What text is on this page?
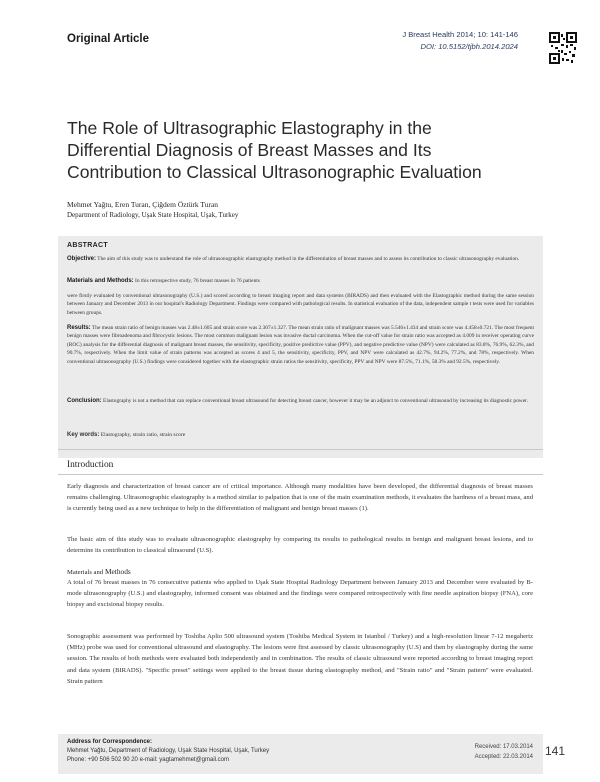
Original Article	J Breast Health 2014; 10: 141-146
DOI: 10.5152/tjbh.2014.2024
The Role of Ultrasographic Elastography in the
Differential Diagnosis of Breast Masses and Its
Contribution to Classical Ultrasonographic Evaluation
Mehmet Yağtu, Eren Turan, Çiğdem Öztürk Turan
Department of Radiology, Uşak State Hospital, Uşak, Turkey
ABSTRACT
Objective: The aim of this study was to understand the role of ultrasonographic elastography method in the differentiation of breast masses and to assess its contribution to classic ultrasonography evaluation.
Materials and Methods: In this retrospective study, 76 breast masses in 76 patients
were firstly evaluated by conventional ultrasonography (U.S.) and scored according to breast imaging report and data systems (BIRADS) and then evaluated with the Elastographic method during the same session between January and December 2013 in our hospital's Radiology Department. Findings were compared with pathological results. In statistical evaluation of the data, independent sample t tests were used for variables between groups.
Results: The mean strain ratio of benign masses was 2.48±1.605 and strain score was 2.307±1.327. The mean strain ratio of malignant masses was 5.546±1.434 and strain score was 4.458±0.721. The most frequent benign masses were fibroadenoma and fibrocystic lesions. The most common malignant lesion was invasive ductal carcinoma. When the cut-off value for strain ratio was accepted as 4.009 in receiver operating curve (ROC) analysis for the differential diagnosis of malignant breast masses, the sensitivity, specificity, positive predictive value (PPV), and negative predictive value (NPV) were calculated as 83.8%, 76.9%, 62.3%, and 90.7%, respectively. When the limit value of strain patterns was accepted as scores 4 and 5, the sensitivity, specificity, PPV, and NPV were calculated as 42.7%, 94.2%, 77.2%, and 78%, respectively. When conventional ultrasonography (U.S.) findings were considered together with the elastographic strain ratios the sensitivity, specificity, PPV and NPV were 87.5%, 71.1%, 58.3% and 92.5%, respectively.
Conclusion: Elastography is not a method that can replace conventional breast ultrasound for detecting breast cancer, however it may be an adjunct to conventional ultrasound by increasing its diagnostic power.
Key words: Elastography, strain ratio, strain score
Introduction
Early diagnosis and characterization of breast cancer are of critical importance. Although many modalities have been developed, the differential diagnosis of breast masses remains challenging. Ultrasonographic elastography is a method similar to palpation that is one of the main examination methods, it evaluates the hardness of a breast mass, and is currently being used as a new technique to help in the differentiation of malignant and benign breast masses (1).
The basic aim of this study was to evaluate ultrasonographic elastography by comparing its results to pathological results in benign and malignant breast lesions, and to determine its contribution to classical ultrasound (U.S).
Materials and Methods
A total of 76 breast masses in 76 consecutive patients who applied to Uşak State Hospital Radiology Department between January 2013 and December were evaluated by B-mode ultrasonography (U.S.) and elastography, informed consent was obtained and the findings were compared retrospectively with fine needle aspiration biopsy (FNA), core biopsy and excisional biopsy results.
Sonographic assessment was performed by Toshiba Aplio 500 ultrasound system (Toshiba Medical System in Istanbul / Turkey) and a high-resolution linear 7-12 megahertz (MHz) probe was used for conventional ultrasound and elastography. The lesions were first assessed by classic ultrasonography (U.S) and then by elastography during the same session. The results of both methods were evaluated both independently and in combination. The results of classic ultrasound were reported according to breast imaging report and data system (BIRADS). "Specific preset" settings were applied to the breast tissue during elastography method, and "Strain ratio" and "Strain pattern" were evaluated. Strain pattern
Address for Correspondence:
Mehmet Yağtu, Department of Radiology, Uşak State Hospital, Uşak, Turkey
Phone: +90 506 502 90 20 e-mail: yagtamehmet@gmail.com
Received: 17.03.2014
Accepted: 22.03.2014 141
